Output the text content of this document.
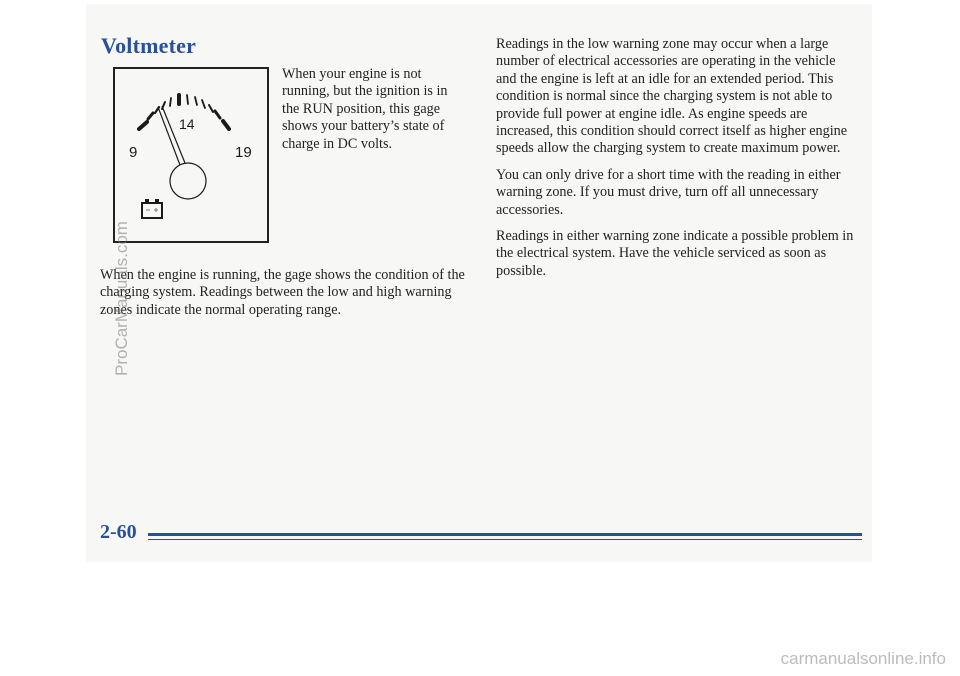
Voltmeter
9
14
19

When your engine is not running, but the ignition is in the RUN position, this gage shows your battery’s state of charge in DC volts.

When the engine is running, the gage shows the condition of the charging system. Readings between the low and high warning zones indicate the normal operating range.

Readings in the low warning zone may occur when a large number of electrical accessories are operating in the vehicle and the engine is left at an idle for an extended period. This condition is normal since the charging system is not able to provide full power at engine idle. As engine speeds are increased, this condition should correct itself as higher engine speeds allow the charging system to create maximum power.

You can only drive for a short time with the reading in either warning zone. If you must drive, turn off all unnecessary accessories.

Readings in either warning zone indicate a possible problem in the electrical system. Have the vehicle serviced as soon as possible.

2-60

ProCarManuals.com
carmanualsonline.info
